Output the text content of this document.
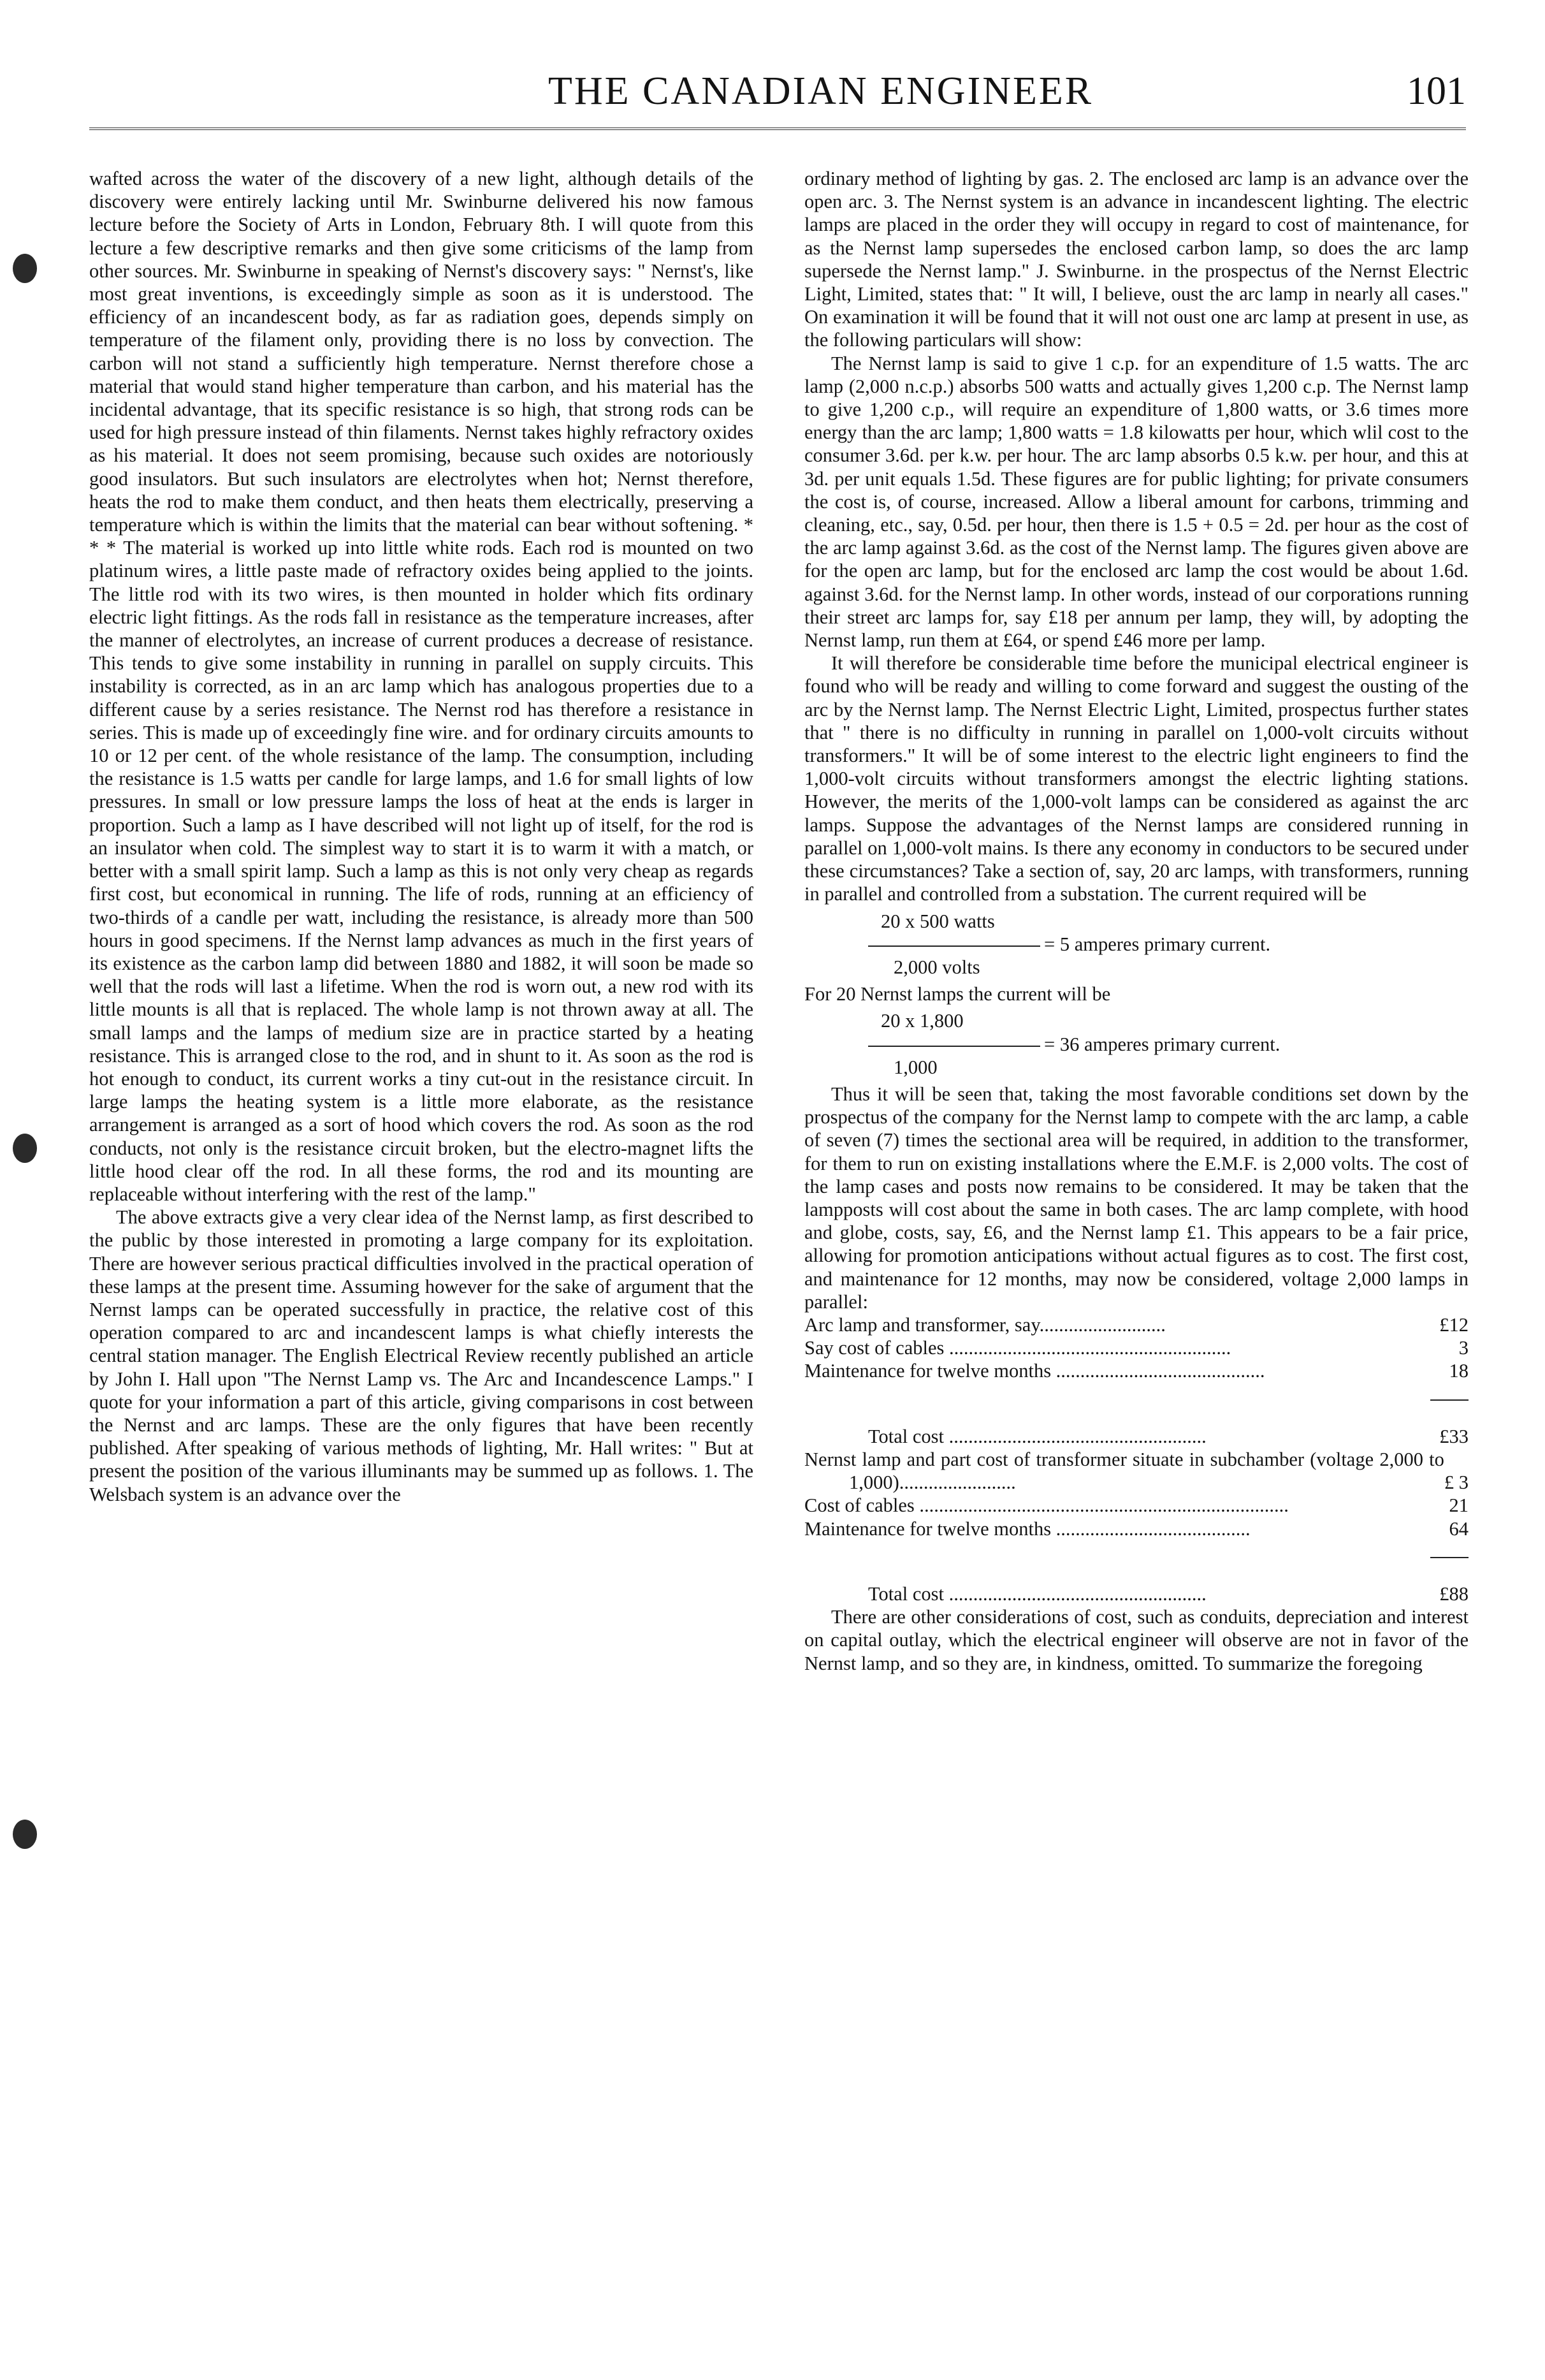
THE CANADIAN ENGINEER	101

wafted across the water of the discovery of a new light, although details of the discovery were entirely lacking until Mr. Swinburne delivered his now famous lecture before the Society of Arts in London, February 8th. I will quote from this lecture a few descriptive remarks and then give some criticisms of the lamp from other sources. Mr. Swinburne in speaking of Nernst's discovery says: " Nernst's, like most great inventions, is exceedingly simple as soon as it is understood. The efficiency of an incandescent body, as far as radiation goes, depends simply on temperature of the filament only, providing there is no loss by convection. The carbon will not stand a sufficiently high temperature. Nernst therefore chose a material that would stand higher temperature than carbon, and his material has the incidental advantage, that its specific resistance is so high, that strong rods can be used for high pressure instead of thin filaments. Nernst takes highly refractory oxides as his material. It does not seem promising, because such oxides are notoriously good insulators. But such insulators are electrolytes when hot; Nernst therefore, heats the rod to make them conduct, and then heats them electrically, preserving a temperature which is within the limits that the material can bear without softening. * * * The material is worked up into little white rods. Each rod is mounted on two platinum wires, a little paste made of refractory oxides being applied to the joints. The little rod with its two wires, is then mounted in holder which fits ordinary electric light fittings. As the rods fall in resistance as the temperature increases, after the manner of electrolytes, an increase of current produces a decrease of resistance. This tends to give some instability in running in parallel on supply circuits. This instability is corrected, as in an arc lamp which has analogous properties due to a different cause by a series resistance. The Nernst rod has therefore a resistance in series. This is made up of exceedingly fine wire. and for ordinary circuits amounts to 10 or 12 per cent. of the whole resistance of the lamp. The consumption, including the resistance is 1.5 watts per candle for large lamps, and 1.6 for small lights of low pressures. In small or low pressure lamps the loss of heat at the ends is larger in proportion. Such a lamp as I have described will not light up of itself, for the rod is an insulator when cold. The simplest way to start it is to warm it with a match, or better with a small spirit lamp. Such a lamp as this is not only very cheap as regards first cost, but economical in running. The life of rods, running at an efficiency of two-thirds of a candle per watt, including the resistance, is already more than 500 hours in good specimens. If the Nernst lamp advances as much in the first years of its existence as the carbon lamp did between 1880 and 1882, it will soon be made so well that the rods will last a lifetime. When the rod is worn out, a new rod with its little mounts is all that is replaced. The whole lamp is not thrown away at all. The small lamps and the lamps of medium size are in practice started by a heating resistance. This is arranged close to the rod, and in shunt to it. As soon as the rod is hot enough to conduct, its current works a tiny cut-out in the resistance circuit. In large lamps the heating system is a little more elaborate, as the resistance arrangement is arranged as a sort of hood which covers the rod. As soon as the rod conducts, not only is the resistance circuit broken, but the electro-magnet lifts the little hood clear off the rod. In all these forms, the rod and its mounting are replaceable without interfering with the rest of the lamp."

The above extracts give a very clear idea of the Nernst lamp, as first described to the public by those interested in promoting a large company for its exploitation. There are however serious practical difficulties involved in the practical operation of these lamps at the present time. Assuming however for the sake of argument that the Nernst lamps can be operated successfully in practice, the relative cost of this operation compared to arc and incandescent lamps is what chiefly interests the central station manager. The English Electrical Review recently published an article by John I. Hall upon "The Nernst Lamp vs. The Arc and Incandescence Lamps." I quote for your information a part of this article, giving comparisons in cost between the Nernst and arc lamps. These are the only figures that have been recently published. After speaking of various methods of lighting, Mr. Hall writes: " But at present the position of the various illuminants may be summed up as follows. 1. The Welsbach system is an advance over the

ordinary method of lighting by gas. 2. The enclosed arc lamp is an advance over the open arc. 3. The Nernst system is an advance in incandescent lighting. The electric lamps are placed in the order they will occupy in regard to cost of maintenance, for as the Nernst lamp supersedes the enclosed carbon lamp, so does the arc lamp supersede the Nernst lamp." J. Swinburne. in the prospectus of the Nernst Electric Light, Limited, states that: " It will, I believe, oust the arc lamp in nearly all cases." On examination it will be found that it will not oust one arc lamp at present in use, as the following particulars will show:

The Nernst lamp is said to give 1 c.p. for an expenditure of 1.5 watts. The arc lamp (2,000 n.c.p.) absorbs 500 watts and actually gives 1,200 c.p. The Nernst lamp to give 1,200 c.p., will require an expenditure of 1,800 watts, or 3.6 times more energy than the arc lamp; 1,800 watts = 1.8 kilowatts per hour, which wlil cost to the consumer 3.6d. per k.w. per hour. The arc lamp absorbs 0.5 k.w. per hour, and this at 3d. per unit equals 1.5d. These figures are for public lighting; for private consumers the cost is, of course, increased. Allow a liberal amount for carbons, trimming and cleaning, etc., say, 0.5d. per hour, then there is 1.5 + 0.5 = 2d. per hour as the cost of the arc lamp against 3.6d. as the cost of the Nernst lamp. The figures given above are for the open arc lamp, but for the enclosed arc lamp the cost would be about 1.6d. against 3.6d. for the Nernst lamp. In other words, instead of our corporations running their street arc lamps for, say £18 per annum per lamp, they will, by adopting the Nernst lamp, run them at £64, or spend £46 more per lamp.

It will therefore be considerable time before the municipal electrical engineer is found who will be ready and willing to come forward and suggest the ousting of the arc by the Nernst lamp. The Nernst Electric Light, Limited, prospectus further states that " there is no difficulty in running in parallel on 1,000-volt circuits without transformers." It will be of some interest to the electric light engineers to find the 1,000-volt circuits without transformers amongst the electric lighting stations. However, the merits of the 1,000-volt lamps can be considered as against the arc lamps. Suppose the advantages of the Nernst lamps are considered running in parallel on 1,000-volt mains. Is there any economy in conductors to be secured under these circumstances? Take a section of, say, 20 arc lamps, with transformers, running in parallel and controlled from a substation. The current required will be

20 x 500 watts
= 5 amperes primary current.
2,000 volts

For 20 Nernst lamps the current will be

20 x 1,800
= 36 amperes primary current.
1,000

Thus it will be seen that, taking the most favorable conditions set down by the prospectus of the company for the Nernst lamp to compete with the arc lamp, a cable of seven (7) times the sectional area will be required, in addition to the transformer, for them to run on existing installations where the E.M.F. is 2,000 volts. The cost of the lamp cases and posts now remains to be considered. It may be taken that the lampposts will cost about the same in both cases. The arc lamp complete, with hood and globe, costs, say, £6, and the Nernst lamp £1. This appears to be a fair price, allowing for promotion anticipations without actual figures as to cost. The first cost, and maintenance for 12 months, may now be considered, voltage 2,000 lamps in parallel:

Arc lamp and transformer, say..........................	£12
Say cost of cables ..........................................................	3
Maintenance for twelve months ...........................................	18
Total cost .....................................................	£33
Nernst lamp and part cost of transformer situate in subchamber (voltage 2,000 to 1,000)........................	£ 3
Cost of cables ............................................................................	21
Maintenance for twelve months ........................................	64
Total cost .....................................................	£88

There are other considerations of cost, such as conduits, depreciation and interest on capital outlay, which the electrical engineer will observe are not in favor of the Nernst lamp, and so they are, in kindness, omitted. To summarize the foregoing
